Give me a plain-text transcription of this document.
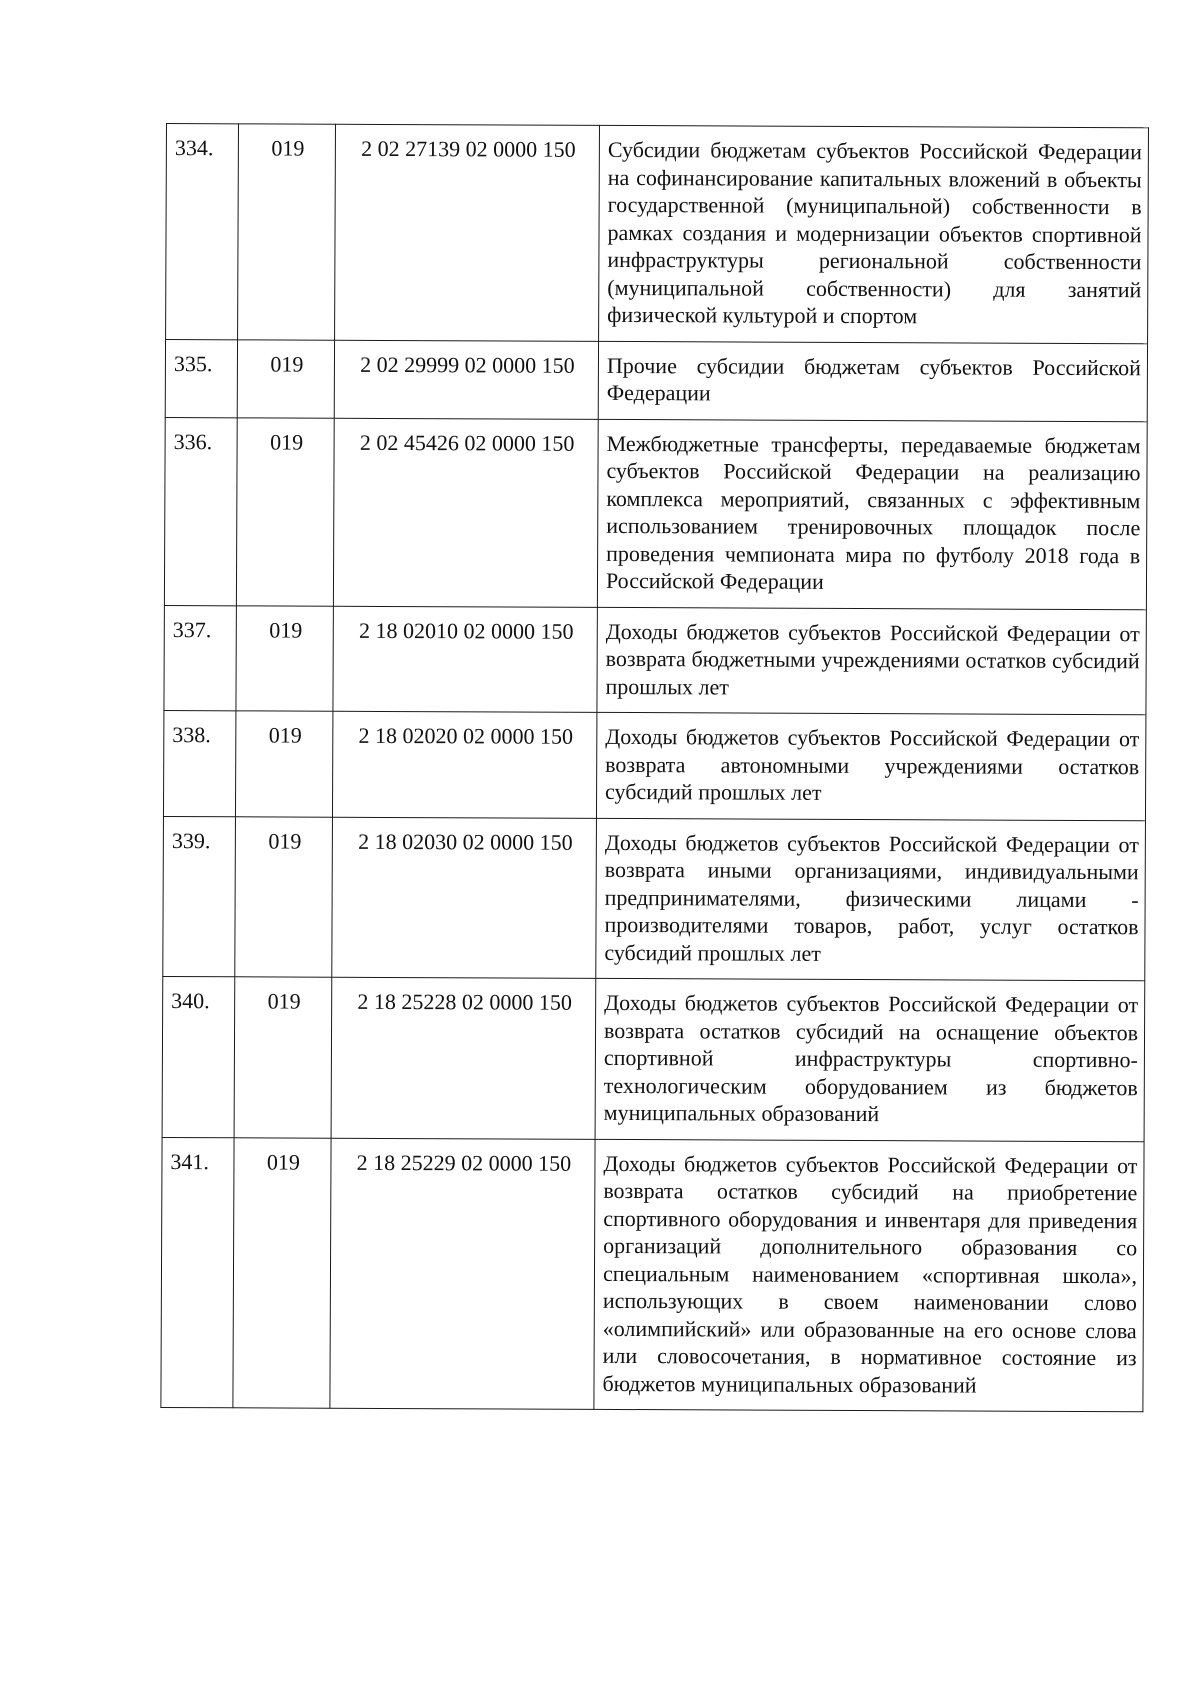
334.	019	2 02 27139 02 0000 150	Субсидии бюджетам субъектов Российской Федерации на софинансирование капитальных вложений в объекты государственной (муниципальной) собственности в рамках создания и модернизации объектов спортивной инфраструктуры региональной собственности (муниципальной собственности) для занятий физической культурой и спортом
335.	019	2 02 29999 02 0000 150	Прочие субсидии бюджетам субъектов Российской Федерации
336.	019	2 02 45426 02 0000 150	Межбюджетные трансферты, передаваемые бюджетам субъектов Российской Федерации на реализацию комплекса мероприятий, связанных с эффективным использованием тренировочных площадок после проведения чемпионата мира по футболу 2018 года в Российской Федерации
337.	019	2 18 02010 02 0000 150	Доходы бюджетов субъектов Российской Федерации от возврата бюджетными учреждениями остатков субсидий прошлых лет
338.	019	2 18 02020 02 0000 150	Доходы бюджетов субъектов Российской Федерации от возврата автономными учреждениями остатков субсидий прошлых лет
339.	019	2 18 02030 02 0000 150	Доходы бюджетов субъектов Российской Федерации от возврата иными организациями, индивидуальными предпринимателями, физическими лицами - производителями товаров, работ, услуг остатков субсидий прошлых лет
340.	019	2 18 25228 02 0000 150	Доходы бюджетов субъектов Российской Федерации от возврата остатков субсидий на оснащение объектов спортивной инфраструктуры спортивно-технологическим оборудованием из бюджетов муниципальных образований
341.	019	2 18 25229 02 0000 150	Доходы бюджетов субъектов Российской Федерации от возврата остатков субсидий на приобретение спортивного оборудования и инвентаря для приведения организаций дополнительного образования со специальным наименованием «спортивная школа», использующих в своем наименовании слово «олимпийский» или образованные на его основе слова или словосочетания, в нормативное состояние из бюджетов муниципальных образований
